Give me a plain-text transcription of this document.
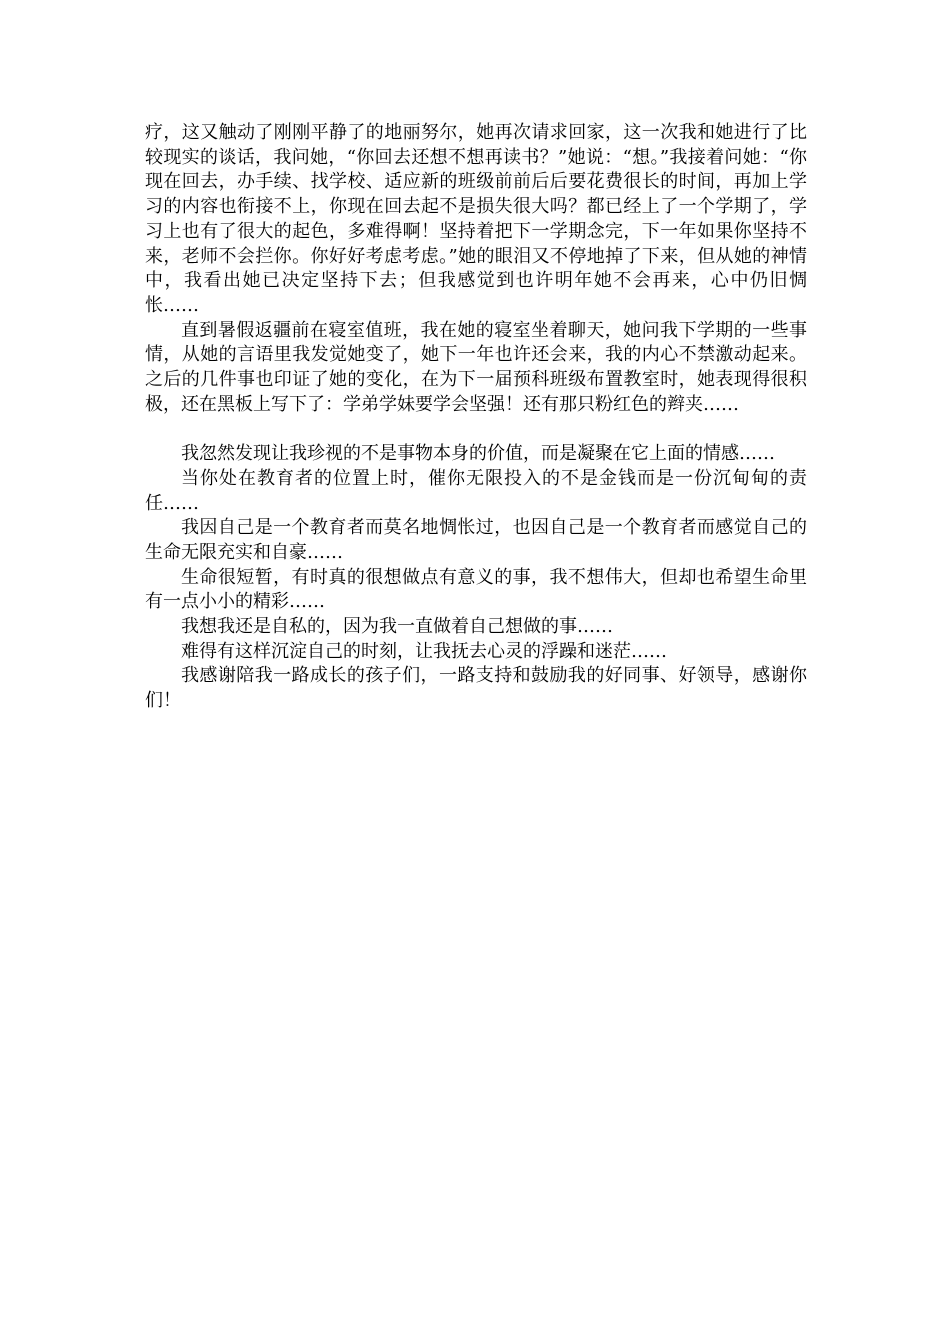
疗，这又触动了刚刚平静了的地丽努尔，她再次请求回家，这一次我和她进行了比较现实的谈话，我问她，“你回去还想不想再读书？”她说：“想。”我接着问她：“你现在回去，办手续、找学校、适应新的班级前前后后要花费很长的时间，再加上学习的内容也衔接不上，你现在回去起不是损失很大吗？都已经上了一个学期了，学习上也有了很大的起色，多难得啊！坚持着把下一学期念完，下一年如果你坚持不来，老师不会拦你。你好好考虑考虑。”她的眼泪又不停地掉了下来，但从她的神情中，我看出她已决定坚持下去；但我感觉到也许明年她不会再来，心中仍旧惆怅……

直到暑假返疆前在寝室值班，我在她的寝室坐着聊天，她问我下学期的一些事情，从她的言语里我发觉她变了，她下一年也许还会来，我的内心不禁激动起来。之后的几件事也印证了她的变化，在为下一届预科班级布置教室时，她表现得很积极，还在黑板上写下了：学弟学妹要学会坚强！还有那只粉红色的辫夹……

我忽然发现让我珍视的不是事物本身的价值，而是凝聚在它上面的情感……

当你处在教育者的位置上时，催你无限投入的不是金钱而是一份沉甸甸的责任……

我因自己是一个教育者而莫名地惆怅过，也因自己是一个教育者而感觉自己的生命无限充实和自豪……

生命很短暂，有时真的很想做点有意义的事，我不想伟大，但却也希望生命里有一点小小的精彩……

我想我还是自私的，因为我一直做着自己想做的事……

难得有这样沉淀自己的时刻，让我抚去心灵的浮躁和迷茫……

我感谢陪我一路成长的孩子们，一路支持和鼓励我的好同事、好领导，感谢你们！
